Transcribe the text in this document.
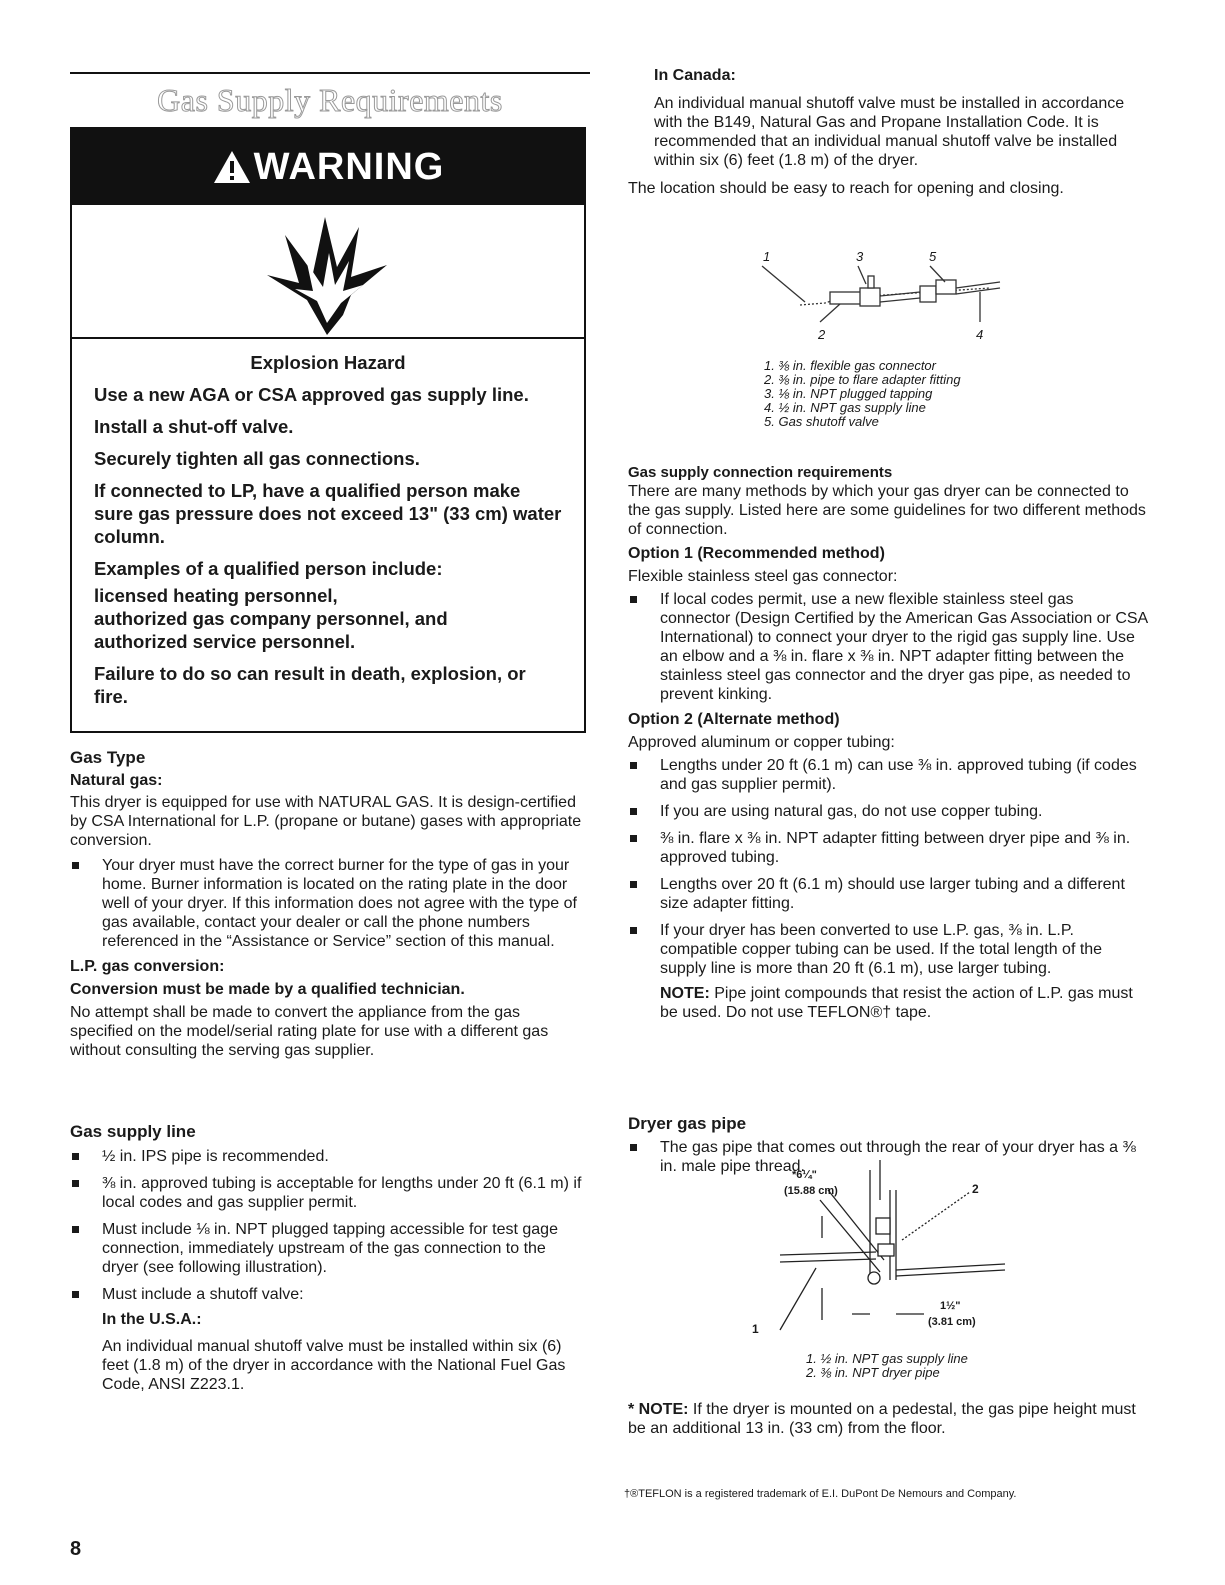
Gas Supply Requirements
WARNING
Explosion Hazard
Use a new AGA or CSA approved gas supply line.
Install a shut-off valve.
Securely tighten all gas connections.
If connected to LP, have a qualified person make sure gas pressure does not exceed 13" (33 cm) water column.
Examples of a qualified person include:
licensed heating personnel,
authorized gas company personnel, and
authorized service personnel.
Failure to do so can result in death, explosion, or fire.
Gas Type
Natural gas:
This dryer is equipped for use with NATURAL GAS. It is design-certified by CSA International for L.P. (propane or butane) gases with appropriate conversion.
Your dryer must have the correct burner for the type of gas in your home. Burner information is located on the rating plate in the door well of your dryer. If this information does not agree with the type of gas available, contact your dealer or call the phone numbers referenced in the “Assistance or Service” section of this manual.
L.P. gas conversion:
Conversion must be made by a qualified technician.
No attempt shall be made to convert the appliance from the gas specified on the model/serial rating plate for use with a different gas without consulting the serving gas supplier.
Gas supply line
½ in. IPS pipe is recommended.
⅜ in. approved tubing is acceptable for lengths under 20 ft (6.1 m) if local codes and gas supplier permit.
Must include ⅛ in. NPT plugged tapping accessible for test gage connection, immediately upstream of the gas connection to the dryer (see following illustration).
Must include a shutoff valve:
In the U.S.A.:
An individual manual shutoff valve must be installed within six (6) feet (1.8 m) of the dryer in accordance with the National Fuel Gas Code, ANSI Z223.1.
8
In Canada:
An individual manual shutoff valve must be installed in accordance with the B149, Natural Gas and Propane Installation Code. It is recommended that an individual manual shutoff valve be installed within six (6) feet (1.8 m) of the dryer.
The location should be easy to reach for opening and closing.
1	3	5
2	4
1. ⅜ in. flexible gas connector
2. ⅜ in. pipe to flare adapter fitting
3. ⅛ in. NPT plugged tapping
4. ½ in. NPT gas supply line
5. Gas shutoff valve
Gas supply connection requirements
There are many methods by which your gas dryer can be connected to the gas supply. Listed here are some guidelines for two different methods of connection.
Option 1 (Recommended method)
Flexible stainless steel gas connector:
If local codes permit, use a new flexible stainless steel gas connector (Design Certified by the American Gas Association or CSA International) to connect your dryer to the rigid gas supply line. Use an elbow and a ⅜ in. flare x ⅜ in. NPT adapter fitting between the stainless steel gas connector and the dryer gas pipe, as needed to prevent kinking.
Option 2 (Alternate method)
Approved aluminum or copper tubing:
Lengths under 20 ft (6.1 m) can use ⅜ in. approved tubing (if codes and gas supplier permit).
If you are using natural gas, do not use copper tubing.
⅜ in. flare x ⅜ in. NPT adapter fitting between dryer pipe and ⅜ in. approved tubing.
Lengths over 20 ft (6.1 m) should use larger tubing and a different size adapter fitting.
If your dryer has been converted to use L.P. gas, ⅜ in. L.P. compatible copper tubing can be used. If the total length of the supply line is more than 20 ft (6.1 m), use larger tubing.
NOTE: Pipe joint compounds that resist the action of L.P. gas must be used. Do not use TEFLON®† tape.
Dryer gas pipe
The gas pipe that comes out through the rear of your dryer has a ⅜ in. male pipe thread.
*6¼"
(15.88 cm)	2
1
1½"
(3.81 cm)
1. ½ in. NPT gas supply line
2. ⅜ in. NPT dryer pipe
* NOTE: If the dryer is mounted on a pedestal, the gas pipe height must be an additional 13 in. (33 cm) from the floor.
†®TEFLON is a registered trademark of E.I. DuPont De Nemours and Company.
